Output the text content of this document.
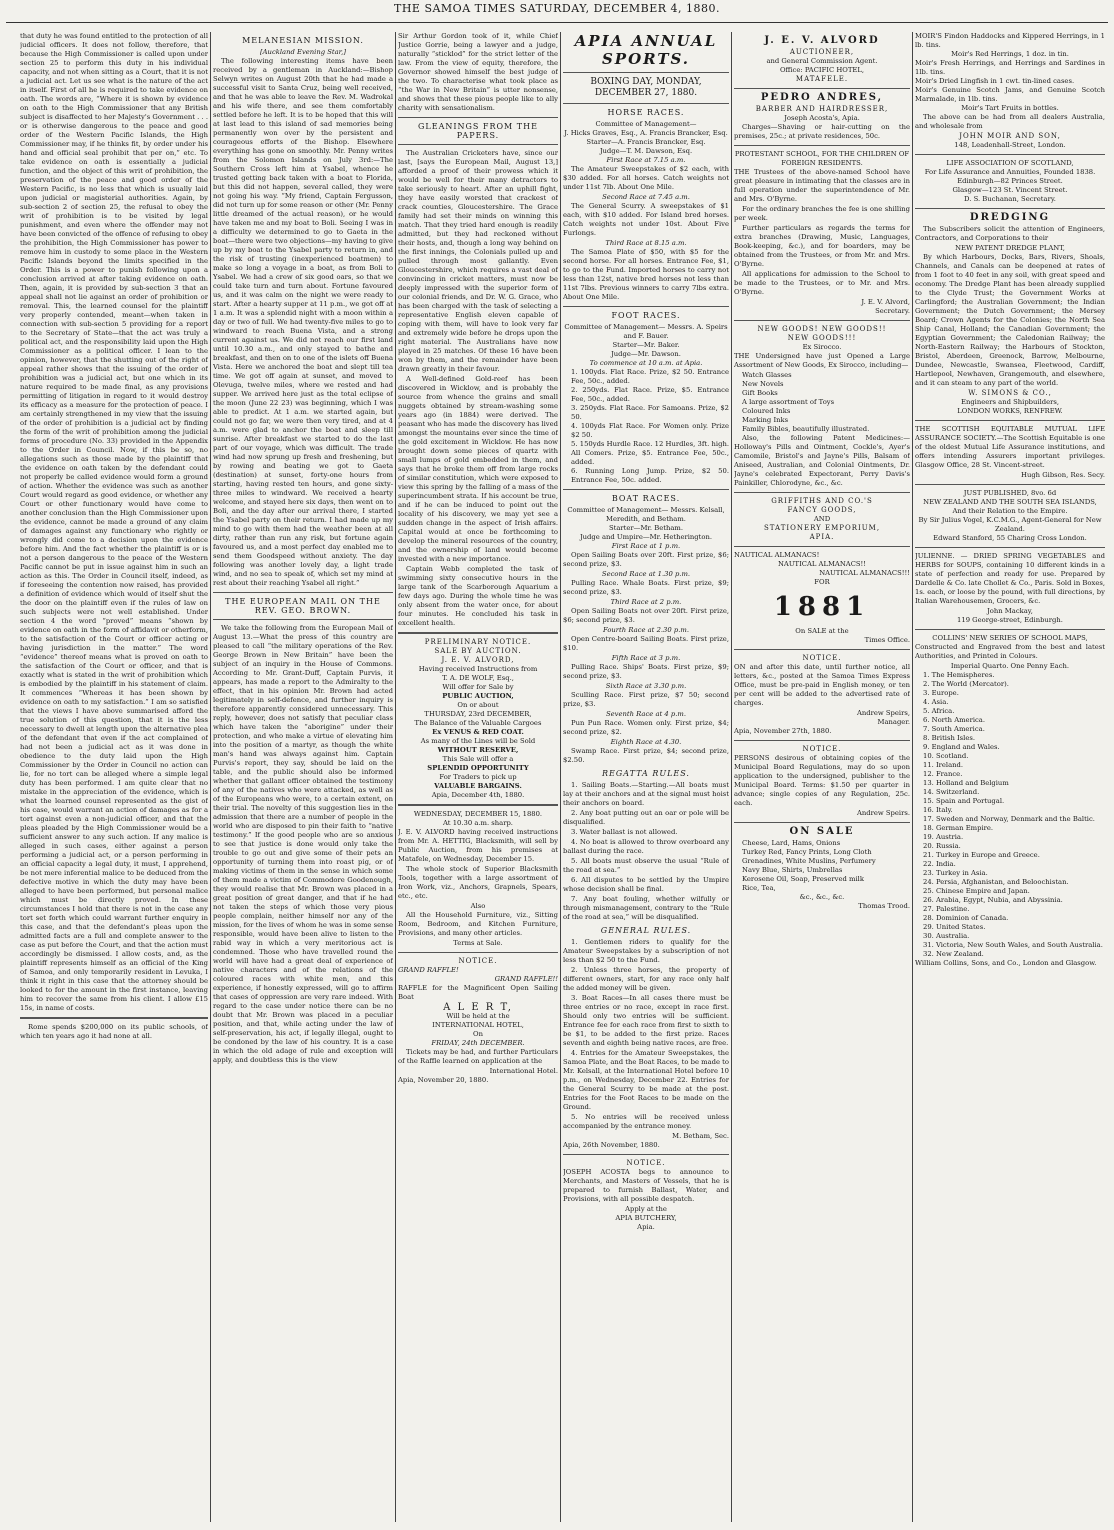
THE SAMOA TIMES SATURDAY, DECEMBER 4, 1880.

that duty he was found entitled to the protection of all judicial officers. It does not follow, therefore, that because the High Commissioner is called upon under section 25 to perform this duty in his individual capacity, and not when sitting as a Court, that it is not a judicial act. Let us see what is the nature of the act in itself. First of all he is required to take evidence on oath. The words are, “Where it is shown by evidence on oath to the High Commissioner that any British subject is disaffected to her Majesty's Government . . . or is otherwise dangerous to the peace and good order of the Western Pacific Islands, the High Commissioner may, if he thinks fit, by order under his hand and official seal prohibit that per on,” etc. To take evidence on oath is essentially a judicial function, and the object of this writ of prohibition, the preservation of the peace and good order of the Western Pacific, is no less that which is usually laid upon judicial or magisterial authorities. Again, by sub-section 2 of section 25, the refusal to obey the writ of prohibition is to be visited by legal punishment, and even where the offender may not have been convicted of the offence of refusing to obey the prohibition, the High Commissioner has power to remove him in custody to some place in the Western Pacific Islands beyond the limits specified in the Order. This is a power to punish following upon a conclusion arrived at after taking evidence on oath. Then, again, it is provided by sub-section 3 that an appeal shall not lie against an order of prohibition or removal. This, the learned counsel for the plaintiff very properly contended, meant—when taken in connection with sub-section 5 providing for a report to the Secretary of State—that the act was truly a political act, and the responsibility laid upon the High Commissioner as a political officer. I lean to the opinion, however, that the shutting out of the right of appeal rather shows that the issuing of the order of prohibition was a judicial act, but one which in its nature required to be made final, as any provisions permitting of litigation in regard to it would destroy its efficacy as a measure for the protection of peace. I am certainly strengthened in my view that the issuing of the order of prohibition is a judicial act by finding the form of the writ of prohibition among the judicial forms of procedure (No. 33) provided in the Appendix to the Order in Council. Now, if this be so, no allegations such as those made by the plaintiff that the evidence on oath taken by the defendant could not properly be called evidence would form a ground of action. Whether the evidence was such as another Court would regard as good evidence, or whether any Court or other functionary would have come to another conclusion than the High Commissioner upon the evidence, cannot be made a ground of any claim of damages against any functionary who rightly or wrongly did come to a decision upon the evidence before him. And the fact whether the plaintiff is or is not a person dangerous to the peace of the Western Pacific cannot be put in issue against him in such an action as this. The Order in Council itself, indeed, as if foreseeing the contention now raised, has provided a definition of evidence which would of itself shut the the door on the plaintiff even if the rules of law on such subjects were not well established. Under section 4 the word “proved” means “shown by evidence on oath in the form of affidavit or otherform, to the satisfaction of the Court or officer acting or having jurisdiction in the matter.” The word “evidence” thereof means what is proved on oath to the satisfaction of the Court or officer, and that is exactly what is stated in the writ of prohibition which is embodied by the plaintiff in his statement of claim. It commences “Whereas it has been shown by evidence on oath to my satisfaction.” I am so satisfied that the views I have above summarised afford the true solution of this question, that it is the less necessary to dwell at length upon the alternative plea of the defendant that even if the act complained of had not been a judicial act as it was done in obedience to the duty laid upon the High Commissioner by the Order in Council no action can lie, for no tort can be alleged where a simple legal duty has been performed. I am quite clear that no mistake in the appreciation of the evidence, which is what the learned counsel represented as the gist of his case, would warrant an action of damages as for a tort against even a non-judicial officer, and that the pleas pleaded by the High Commissioner would be a sufficient answer to any such action. If any malice is alleged in such cases, either against a person performing a judicial act, or a person performing in an official capacity a legal duty, it must, I apprehend, be not mere inferential malice to be deduced from the defective motive in which the duty may have been alleged to have been performed, but personal malice which must be directly proved. In these circumstances I hold that there is not in the case any tort set forth which could warrant further enquiry in this case, and that the defendant's pleas upon the admitted facts are a full and complete answer to the case as put before the Court, and that the action must accordingly be dismissed. I allow costs, and, as the plaintiff represents himself as an official of the King of Samoa, and only temporarily resident in Levuka, I think it right in this case that the attorney should be looked to for the amount in the first instance, leaving him to recover the same from his client. I allow £15 15s, in name of costs.

Rome spends $200,000 on its public schools, of which ten years ago it had none at all.

MELANESIAN MISSION.
[Auckland Evening Star,]

The following interesting items have been received by a gentleman in Auckland:—Bishop Selwyn writes on August 20th that he had made a successful visit to Santa Cruz, being well received, and that he was able to leave the Rev. M. Wadrokal and his wife there, and see them comfortably settled before he left. It is to be hoped that this will at last lead to this island of sad memories being permanently won over by the persistent and courageous efforts of the Bishop. Elsewhere everything has gone on smoothly. Mr. Penny writes from the Solomon Islands on July 3rd:—The Southern Cross left him at Ysabel, whence he trusted getting back taken with a boat to Florida, but this did not happen, several called, they were not going his way. “My friend, Captain Fergusson, did not turn up for some reason or other (Mr. Penny little dreamed of the actual reason), or he would have taken me and my boat to Boli. Seeing I was in a difficulty we determined to go to Gaeta in the boat—there were two objections—my having to give up by my boat to the Ysabel party to return in, and the risk of trusting (inexperienced boatmen) to make so long a voyage in a boat, as from Boli to Ysabel. We had a crew of six good oars, so that we could take turn and turn about. Fortune favoured us, and it was calm on the night we were ready to start. After a hearty supper at 11 p.m., we got off at 1 a.m. It was a splendid night with a moon within a day or two of full. We had twenty-five miles to go to windward to reach Buena Vista, and a strong current against us. We did not reach our first land until 10.30 a.m., and only stayed to bathe and breakfast, and then on to one of the islets off Buena Vista. Here we anchored the boat and slept till tea time. We got off again at sunset, and moved to Olevuga, twelve miles, where we rested and had supper. We arrived here just as the total eclipse of the moon (June 22 23) was beginning, which I was able to predict. At 1 a.m. we started again, but could not go far, we were then very tired, and at 4 a.m. were glad to anchor the boat and sleep till sunrise. After breakfast we started to do the last part of our voyage, which was difficult. The trade wind had now sprung up fresh and freshening, but by rowing and beating we got to Gaeta (destination) at sunset, forty-one hours from starting, having rested ten hours, and gone sixty-three miles to windward. We received a hearty welcome, and stayed here six days, then went on to Boli, and the day after our arrival there, I started the Ysabel party on their return. I had made up my mind to go with them had the weather been at all dirty, rather than run any risk, but fortune again favoured us, and a most perfect day enabled me to send them Goodspeed without anxiety. The day following was another lovely day, a light trade wind, and no sea to speak of, which set my mind at rest about their reaching Ysabel all right.”

THE EUROPEAN MAIL ON THE REV. GEO. BROWN.

We take the following from the European Mail of August 13.—What the press of this country are pleased to call “the military operations of the Rev. George Brown in New Britain” have been the subject of an inquiry in the House of Commons. According to Mr. Grant-Duff, Captain Purvis, it appears, has made a report to the Admiralty to the effect, that in his opinion Mr. Brown had acted legitimately in self-defence, and further inquiry is therefore apparently considered unnecessary. This reply, however, does not satisfy that peculiar class which have taken the “aborigine” under their protection, and who make a virtue of elevating him into the position of a martyr, as though the white man's hand was always against him. Captain Purvis's report, they say, should be laid on the table, and the public should also be informed whether that gallant officer obtained the testimony of any of the natives who were attacked, as well as of the Europeans who were, to a certain extent, on their trial. The novelty of this suggestion lies in the admission that there are a number of people in the world who are disposed to pin their faith to “native testimony.” If the good people who are so anxious to see that justice is done would only take the trouble to go out and give some of their pets an opportunity of turning them into roast pig, or of making victims of them in the sense in which some of them made a victim of Commodore Goodenough, they would realise that Mr. Brown was placed in a great position of great danger, and that if he had not taken the steps of which those very pious people complain, neither himself nor any of the mission, for the lives of whom he was in some sense responsible, would have been alive to listen to the rabid way in which a very meritorious act is condemned. Those who have travelled round the world will have had a great deal of experience of native characters and of the relations of the coloured races with white men, and this experience, if honestly expressed, will go to affirm that cases of oppression are very rare indeed. With regard to the case under notice there can be no doubt that Mr. Brown was placed in a peculiar position, and that, while acting under the law of self-preservation, his act, if legally illegal, ought to be condoned by the law of his country. It is a case in which the old adage of rule and exception will apply, and doubtless this is the view

Sir Arthur Gordon took of it, while Chief Justice Gorrie, being a lawyer and a judge, naturally “sticklod” for the strict letter of the law. From the view of equity, therefore, the Governor showed himself the best judge of the two. To characterise what took place as “the War in New Britain” is utter nonsense, and shows that these pious people like to ally charity with sensationalism.

GLEANINGS FROM THE PAPERS.

The Australian Cricketers have, since our last, [says the European Mail, August 13,] afforded a proof of their prowess which it would be well for their many detractors to take seriously to heart. After an uphill fight, they have easily worsted that crackest of crack counties, Gloucestershire. The Grace family had set their minds on winning this match. That they tried hard enough is readily admitted, but they had reckoned without their hosts, and, though a long way behind on the first innings, the Colonials pulled up and pulled through most gallantly. Even Gloucestershire, which requires a vast deal of convincing in cricket matters, must now be deeply impressed with the superior form of our colonial friends, and Dr. W. G. Grace, who has been charged with the task of selecting a representative English eleven capable of coping with them, will have to look very far and extremely wide before he drops upon the right material. The Australians have now played in 25 matches. Of these 16 have been won by them, and the remainder have been drawn greatly in their favour.

A Well-defined Gold-reef has been discovered in Wicklow, and is probably the source from whence the grains and small nuggets obtained by stream-washing some years ago (in 1884) were derived. The peasant who has made the discovery has lived amongst the mountains ever since the time of the gold excitement in Wicklow. He has now brought down some pieces of quartz with small lumps of gold embedded in them, and says that he broke them off from large rocks of similar constitution, which were exposed to view this spring by the falling of a mass of the superincumbent strata. If his account be true, and if he can be induced to point out the locality of his discovery, we may yet see a sudden change in the aspect of Irish affairs. Capital would at once be forthcoming to develop the mineral resources of the country, and the ownership of land would become invested with a new importance.

Captain Webb completed the task of swimming sixty consecutive hours in the large tank of the Scarborough Aquarium a few days ago. During the whole time he was only absent from the water once, for about four minutes. He concluded his task in excellent health.

PRELIMINARY NOTICE.
SALE BY AUCTION.
J. E. V. ALVORD,
Having received Instructions from
T. A. DE WOLF, Esq.,
Will offer for Sale by
PUBLIC AUCTION,
On or about
THURSDAY, 23rd DECEMBER,
The Balance of the Valuable Cargoes
Ex VENUS & RED COAT.
As many of the Lines will be Sold
WITHOUT RESERVE,
This Sale will offer a
SPLENDID OPPORTUNITY
For Traders to pick up
VALUABLE BARGAINS.
Apia, December 4th, 1880.
WEDNESDAY, DECEMBER 15, 1880.
At 10.30 a.m. sharp.

J. E. V. ALVORD having received instructions from Mr. A. HETTIG, Blacksmith, will sell by Public Auction, from his premises at Matafele, on Wednesday, December 15.

The whole stock of Superior Blacksmith Tools, together with a large assortment of Iron Work, viz., Anchors, Grapnels, Spears, etc., etc.

Also

All the Household Furniture, viz., Sitting Room, Bedroom, and Kitchen Furniture, Provisions, and many other articles.

Terms at Sale.
NOTICE.
GRAND RAFFLE!
GRAND RAFFLE!!

RAFFLE for the Magnificent Open Sailing Boat

A L E R T,
Will be held at the
INTERNATIONAL HOTEL,
On
FRIDAY, 24th DECEMBER.

Tickets may be had, and further Particulars of the Raffle learned on application at the

International Hotel.
Apia, November 20, 1880.
APIA ANNUAL SPORTS.
BOXING DAY, MONDAY, DECEMBER 27, 1880.
HORSE RACES.
Committee of Management—
J. Hicks Graves, Esq., A. Francis Brancker, Esq.
Starter—A. Francis Brancker, Esq.
Judge—T. M. Dawson, Esq.
First Race at 7.15 a.m.

The Amateur Sweepstakes of $2 each, with $30 added. For all horses. Catch weights not under 11st 7lb. About One Mile.

Second Race at 7.45 a.m.

The General Scurry. A sweepstakes of $1 each, with $10 added. For Island bred horses. Catch weights not under 10st. About Five Furlongs.

Third Race at 8.15 a.m.

The Samoa Plate of $50, with $5 for the second horse. For all horses. Entrance Fee, $1, to go to the Fund. Imported horses to carry not less than 12st, native bred horses not less than 11st 7lbs. Previous winners to carry 7lbs extra. About One Mile.

FOOT RACES.
Committee of Management— Messrs. A. Speirs and F. Bauer.
Starter—Mr. Baker.
Judge—Mr. Dawson.
To commence at 10 a.m. at Apia.
1. 100yds. Flat Race. Prize, $2 50. Entrance Fee, 50c., added.
2. 250yds. Flat Race. Prize, $5. Entrance Fee, 50c., added.
3. 250yds. Flat Race. For Samoans. Prize, $2 50.
4. 100yds Flat Race. For Women only. Prize $2 50.
5. 150yds Hurdle Race. 12 Hurdles, 3ft. high. All Comers. Prize, $5. Entrance Fee, 50c., added.
6. Running Long Jump. Prize, $2 50. Entrance Fee, 50c. added.
BOAT RACES.
Committee of Management— Messrs. Kelsall, Meredith, and Betham.
Starter—Mr. Betham.
Judge and Umpire—Mr. Hetherington.
First Race at 1 p.m.

Open Sailing Boats over 20ft. First prize, $6; second prize, $3.

Second Race at 1.30 p.m.

Pulling Race. Whale Boats. First prize, $9; second prize, $3.

Third Race at 2 p.m.

Open Sailing Boats not over 20ft. First prize, $6; second prize, $3.

Fourth Race at 2.30 p.m.

Open Centre-board Sailing Boats. First prize, $10.

Fifth Race at 3 p.m.

Pulling Race. Ships' Boats. First prize, $9; second prize, $3.

Sixth Race at 3.30 p.m.

Sculling Race. First prize, $7 50; second prize, $3.

Seventh Race at 4 p.m.

Pun Pun Race. Women only. First prize, $4; second prize, $2.

Eighth Race at 4.30.

Swamp Race. First prize, $4; second prize, $2.50.

REGATTA RULES.

1. Sailing Boats.—Starting.—All boats must lay at their anchors and at the signal must hoist their anchors on board.

2. Any boat putting out an oar or pole will be disqualified.

3. Water ballast is not allowed.

4. No boat is allowed to throw overboard any ballast during the race.

5. All boats must observe the usual “Rule of the road at sea.”

6. All disputes to be settled by the Umpire whose decision shall be final.

7. Any boat fouling, whether wilfully or through mismanagement, contrary to the “Rule of the road at sea,” will be disqualified.

GENERAL RULES.

1. Gentlemen riders to qualify for the Amateur Sweepstakes by a subscription of not less than $2 50 to the Fund.

2. Unless three horses, the property of different owners, start, for any race only half the added money will be given.

3. Boat Races—In all cases there must be three entries or no race, except in race first. Should only two entries will be sufficient. Entrance fee for each race from first to sixth to be $1, to be added to the first prize. Races seventh and eighth being native races, are free.

4. Entries for the Amateur Sweepstakes, the Samoa Plate, and the Boat Races, to be made to Mr. Kelsall, at the International Hotel before 10 p.m., on Wednesday, December 22. Entries for the General Scurry to be made at the post. Entries for the Foot Races to be made on the Ground.

5. No entries will be received unless accompanied by the entrance money.

M. Betham, Sec.
Apia, 26th November, 1880.
NOTICE.

JOSEPH ACOSTA begs to announce to Merchants, and Masters of Vessels, that he is prepared to furnish Ballast, Water, and Provisions, with all possible despatch.

Apply at the
APIA BUTCHERY,
Apia.
J. E. V. ALVORD
AUCTIONEER,
and General Commission Agent.
Office: PACIFIC HOTEL,
MATAFELE.
PEDRO ANDRES,
BARBER AND HAIRDRESSER,
Joseph Acosta's, Apia.

Charges—Shaving or hair-cutting on the premises, 25c.; at private residences, 50c.

PROTESTANT SCHOOL, FOR THE CHILDREN OF FOREIGN RESIDENTS.

THE Trustees of the above-named School have great pleasure in intimating that the classes are in full operation under the superintendence of Mr. and Mrs. O'Byrne.

For the ordinary branches the fee is one shilling per week.

Further particulars as regards the terms for extra branches (Drawing, Music, Languages, Book-keeping, &c.), and for boarders, may be obtained from the Trustees, or from Mr. and Mrs. O'Byrne.

All applications for admission to the School to be made to the Trustees, or to Mr. and Mrs. O'Byrne.

J. E. V. Alvord,
Secretary.
NEW GOODS! NEW GOODS!!
NEW GOODS!!!
Ex Sirocco.

THE Undersigned have just Opened a Large Assortment of New Goods, Ex Sirocco, including—

Watch Glasses
New Novels
Gift Books
A large assortment of Toys
Coloured Inks
Marking Inks
Family Bibles, beautifully illustrated.

Also, the following Patent Medicines:—Holloway's Pills and Ointment, Cockle's, Ayer's Camomile, Bristol's and Jayne's Pills, Balsam of Aniseed, Australian, and Colonial Ointments, Dr. Jayne's celebrated Expectorant, Perry Davis's Painkiller, Chlorodyne, &c., &c.

GRIFFITHS AND CO.'S
FANCY GOODS,
AND
STATIONERY EMPORIUM,
APIA.
NAUTICAL ALMANACS!
NAUTICAL ALMANACS!!
NAUTICAL ALMANACS!!!
FOR
1881
On SALE at the
Times Office.
NOTICE.

ON and after this date, until further notice, all letters, &c., posted at the Samoa Times Express Office, must be pre-paid in English money, or ten per cent will be added to the advertised rate of charges.

Andrew Speirs,
Manager.
Apia, November 27th, 1880.
NOTICE.

PERSONS desirous of obtaining copies of the Municipal Board Regulations, may do so upon application to the undersigned, publisher to the Municipal Board. Terms: $1.50 per quarter in advance; single copies of any Regulation, 25c. each.

Andrew Speirs.
ON SALE
Cheese, Lard, Hams, Onions
Turkey Red, Fancy Prints, Long Cloth
Grenadines, White Muslins, Perfumery
Navy Blue, Shirts, Umbrellas
Kerosene Oil, Soap, Preserved milk
Rice, Tea,
&c., &c., &c.
Thomas Trood.
MOIR'S Findon Haddocks and Kippered Herrings, in 1 lb. tins.
Moir's Red Herrings, 1 doz. in tin.
Moir's Fresh Herrings, and Herrings and Sardines in 1lb. tins.
Moir's Dried Lingfish in 1 cwt. tin-lined cases.
Moir's Genuine Scotch Jams, and Genuine Scotch Marmalade, in 1lb. tins.
Moir's Tart Fruits in bottles.

The above can be had from all dealers Australia, and wholesale from

JOHN MOIR AND SON,
148, Leadenhall-Street, London.
LIFE ASSOCIATION OF SCOTLAND,
For Life Assurance and Annuities, Founded 1838.
Edinburgh—82 Princes Street.
Glasgow—123 St. Vincent Street.
D. S. Buchanan, Secretary.
DREDGING

The Subscribers solicit the attention of Engineers, Contractors, and Corporations to their

NEW PATENT DREDGE PLANT,

By which Harbours, Docks, Bars, Rivers, Shoals, Channels, and Canals can be deepened at rates of from 1 foot to 40 feet in any soil, with great speed and economy. The Dredge Plant has been already supplied to the Clyde Trust; the Government Works at Carlingford; the Australian Government; the Indian Government; the Dutch Government; the Mersey Board; Crown Agents for the Colonies; the North Sea Ship Canal, Holland; the Canadian Government; the Egyptian Government; the Caledonian Railway; the North-Eastern Railway; the Harbours of Stockton, Bristol, Aberdeen, Greenock, Barrow, Melbourne, Dundee, Newcastle, Swansea, Fleetwood, Cardiff, Hartlepool, Newhaven, Grangemouth, and elsewhere, and it can steam to any part of the world.

W. SIMONS & CO.,
Engineers and Shipbuilders,
LONDON WORKS, RENFREW.

THE SCOTTISH EQUITABLE MUTUAL LIFE ASSURANCE SOCIETY.—The Scottish Equitable is one of the oldest Mutual Life Assurance institutions, and offers intending Assurers important privileges. Glasgow Office, 28 St. Vincent-street.

Hugh Gibson, Res. Secy.
JUST PUBLISHED, 8vo. 6d
NEW ZEALAND AND THE SOUTH SEA ISLANDS,
And their Relation to the Empire.
By Sir Julius Vogel, K.C.M.G., Agent-General for New Zealand.
Edward Stanford, 55 Charing Cross London.

JULIENNE. — DRIED SPRING VEGETABLES and HERBS for SOUPS, containing 10 different kinds in a state of perfection and ready for use. Prepared by Dardelle & Co. late Chollet & Co., Paris. Sold in Boxes, 1s. each, or loose by the pound, with full directions, by Italian Warehousemen, Grocers, &c.

John Mackay,
119 George-street, Edinburgh.
COLLINS' NEW SERIES OF SCHOOL MAPS,

Constructed and Engraved from the best and latest Authorities, and Printed in Colours.

Imperial Quarto. One Penny Each.
1. The Hemispheres.
2. The World (Mercator).
3. Europe.
4. Asia.
5. Africa.
6. North America.
7. South America.
8. British Isles.
9. England and Wales.
10. Scotland.
11. Ireland.
12. France.
13. Holland and Belgium
14. Switzerland.
15. Spain and Portugal.
16. Italy.
17. Sweden and Norway, Denmark and the Baltic.
18. German Empire.
19. Austria.
20. Russia.
21. Turkey in Europe and Greece.
22. India.
23. Turkey in Asia.
24. Persia, Afghanistan, and Beloochistan.
25. Chinese Empire and Japan.
26. Arabia, Egypt, Nubia, and Abyssinia.
27. Palestine.
28. Dominion of Canada.
29. United States.
30. Australia.
31. Victoria, New South Wales, and South Australia.
32. New Zealand.
William Collins, Sons, and Co., London and Glasgow.
